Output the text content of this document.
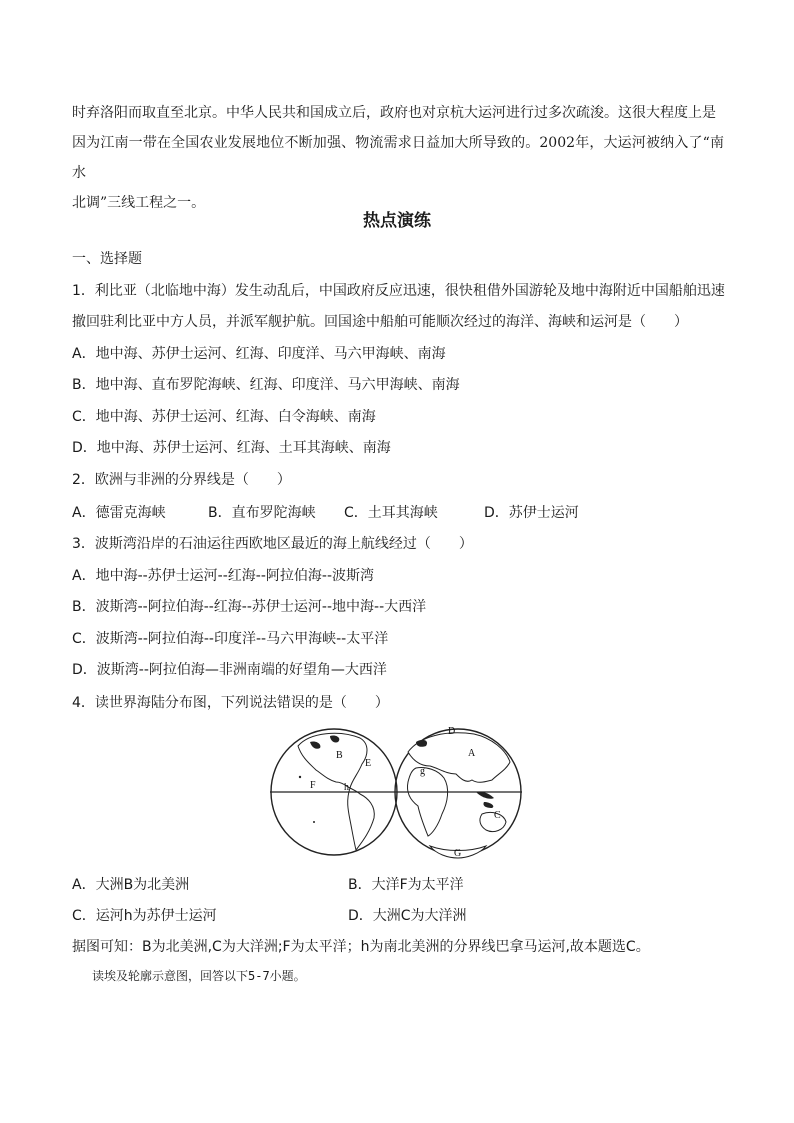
时弃洛阳而取直至北京。中华人民共和国成立后，政府也对京杭大运河进行过多次疏浚。这很大程度上是

因为江南一带在全国农业发展地位不断加强、物流需求日益加大所导致的。2002年，大运河被纳入了“南水

北调”三线工程之一。

热点演练
一、选择题
1．利比亚（北临地中海）发生动乱后，中国政府反应迅速，很快租借外国游轮及地中海附近中国船舶迅速
撤回驻利比亚中方人员，并派军舰护航。回国途中船舶可能顺次经过的海洋、海峡和运河是（　　）
A．地中海、苏伊士运河、红海、印度洋、马六甲海峡、南海
B．地中海、直布罗陀海峡、红海、印度洋、马六甲海峡、南海
C．地中海、苏伊士运河、红海、白令海峡、南海
D．地中海、苏伊士运河、红海、土耳其海峡、南海
2．欧洲与非洲的分界线是（　　）
A．德雷克海峡	B．直布罗陀海峡 C．土耳其海峡	D．苏伊士运河
3．波斯湾沿岸的石油运往西欧地区最近的海上航线经过（　　）
A．地中海--苏伊士运河--红海--阿拉伯海--波斯湾
B．波斯湾--阿拉伯海--红海--苏伊士运河--地中海--大西洋
C．波斯湾--阿拉伯海--印度洋--马六甲海峡--太平洋
D．波斯湾--阿拉伯海—非洲南端的好望角—大西洋
4．读世界海陆分布图，下列说法错误的是（　　）
B
E
F	h
D
A
g
C
G
A．大洲B为北美洲	B．大洋F为太平洋
C．运河h为苏伊士运河	D．大洲C为大洋洲
据图可知：B为北美洲,C为大洋洲;F为太平洋；h为南北美洲的分界线巴拿马运河,故本题选C。
读埃及轮廓示意图，回答以下5-7小题。
